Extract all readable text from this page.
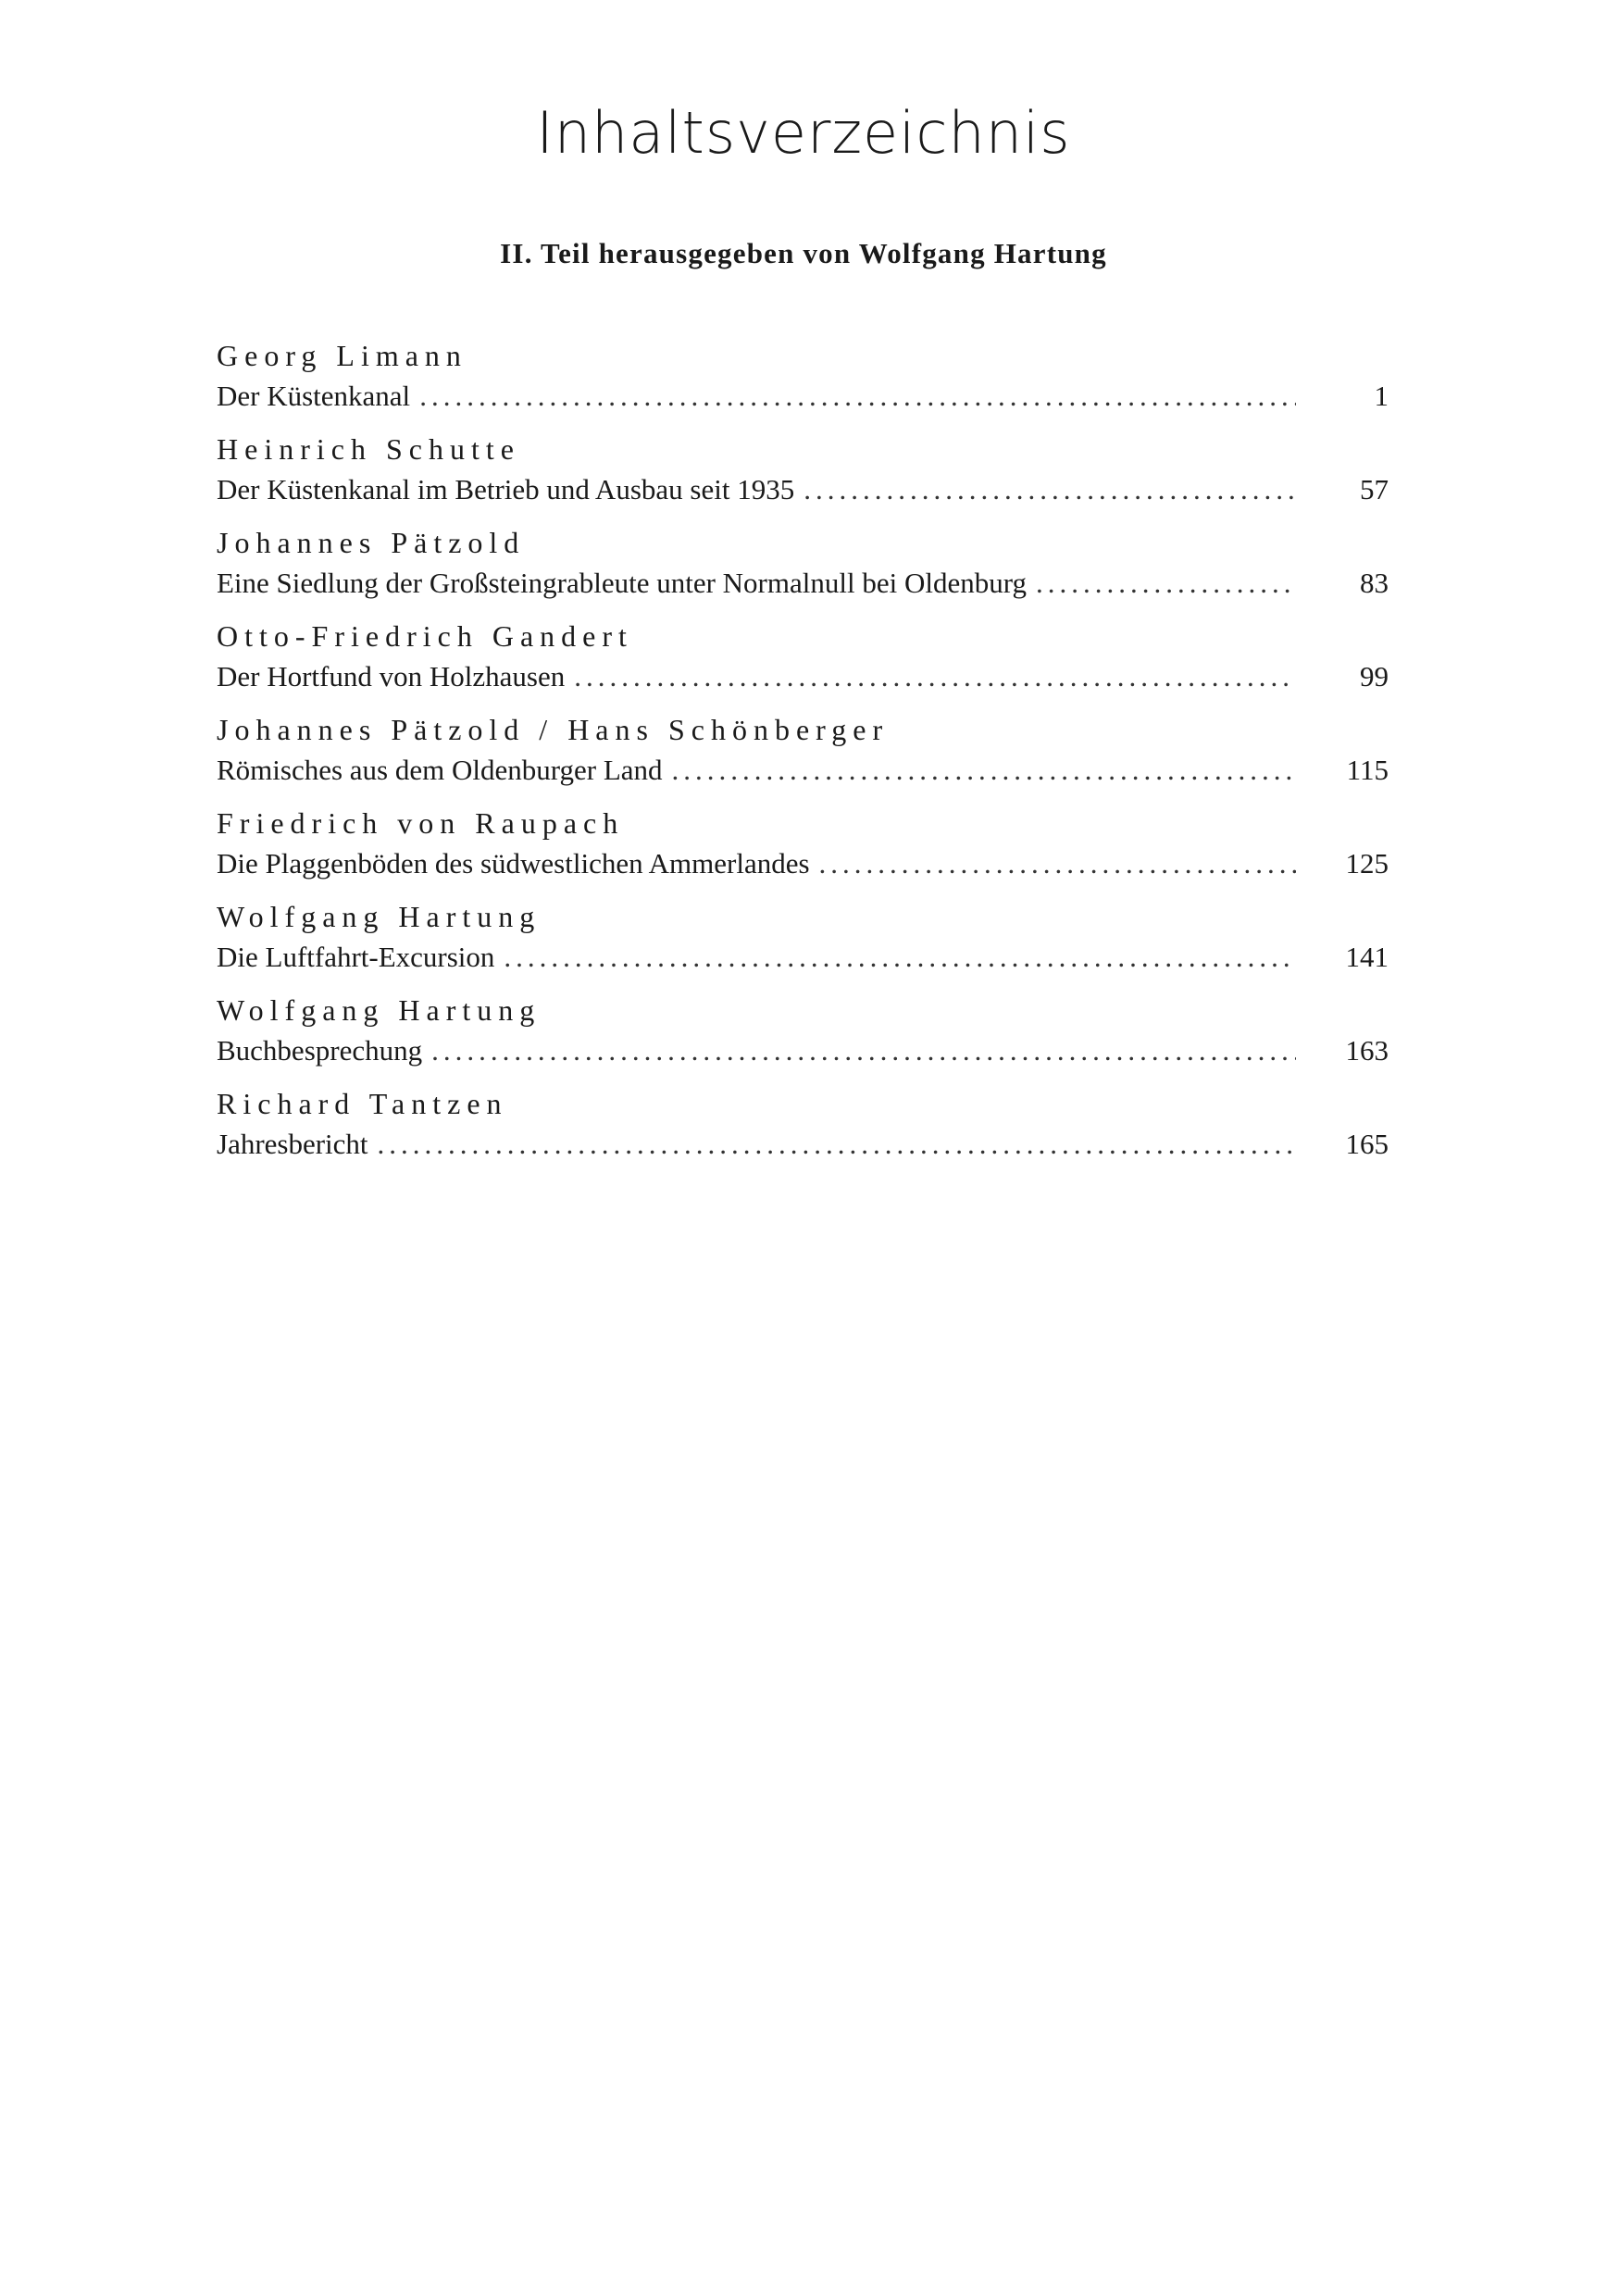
Inhaltsverzeichnis
II. Teil herausgegeben von Wolfgang Hartung
Georg Limann
Der Küstenkanal .....	1
Heinrich Schutte
Der Küstenkanal im Betrieb und Ausbau seit 1935 .....	57
Johannes Pätzold
Eine Siedlung der Großsteingrableute unter Normalnull bei Oldenburg .....	83
Otto-Friedrich Gandert
Der Hortfund von Holzhausen .....	99
Johannes Pätzold / Hans Schönberger
Römisches aus dem Oldenburger Land .....	115
Friedrich von Raupach
Die Plaggenböden des südwestlichen Ammerlandes .....	125
Wolfgang Hartung
Die Luftfahrt-Excursion .....	141
Wolfgang Hartung
Buchbesprechung .....	163
Richard Tantzen
Jahresbericht .....	165
